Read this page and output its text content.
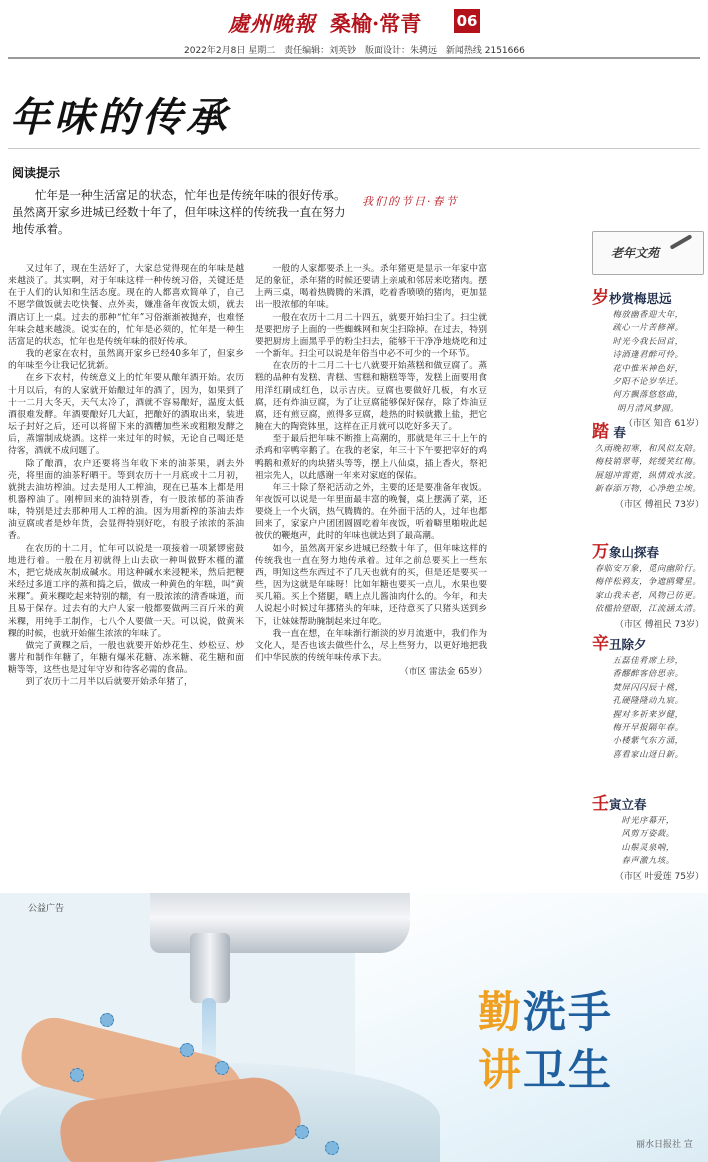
處州晚報 桑榆·常青 06
2022年2月8日 星期二 责任编辑：刘英钞 版面设计：朱骋远 新闻热线 2151666
年味的传承
阅读提示
忙年是一种生活富足的状态，忙年也是传统年味的很好传承。虽然离开家乡进城已经数十年了，但年味这样的传统我一直在努力地传承着。
我们的节日·春节

又过年了，现在生活好了，大家总觉得现在的年味是越来越淡了。其实啊，对于年味这样一种传统习俗，关键还是在于人们的认知和生活态度。现在的人都喜欢简单了，自己不愿学做饭就去吃快餐、点外卖，嫌准备年夜饭太烦，就去酒店订上一桌。过去的那种“忙年”习俗渐渐被抛弃，也难怪年味会越来越淡。说实在的，忙年是必须的，忙年是一种生活富足的状态，忙年也是传统年味的很好传承。

我的老家在农村，虽然离开家乡已经40多年了，但家乡的年味至今让我记忆犹新。

在乡下农村，传统意义上的忙年要从酿年酒开始。农历十月以后，有的人家就开始酿过年的酒了，因为，如果到了十一二月大冬天，天气太冷了，酒就不容易酿好，温度太低酒很难发酵。年酒要酿好几大缸，把酿好的酒取出来，装进坛子封好之后，还可以将留下来的酒糟加些米或粗粮发酵之后，蒸馏制成烧酒。这样一来过年的时候，无论自己喝还是待客，酒就不成问题了。

除了酿酒，农户还要将当年收下来的油茶果，剥去外壳，将里面的油茶籽晒干。等到农历十一月底或十二月初，就挑去油坊榨油。过去是用人工榨油，现在已基本上都是用机器榨油了。刚榨回来的油特别香，有一股浓郁的茶油香味，特别是过去那种用人工榨的油。因为用新榨的茶油去炸油豆腐或者是炒年货，会显得特别好吃，有股子浓浓的茶油香。

在农历的十二月，忙年可以说是一项接着一项紧锣密鼓地进行着。一般在月初就得上山去砍一种叫做野木槿的灌木，把它烧成灰制成碱水。用这种碱水来浸粳米，然后把粳米经过多道工序的蒸和捣之后，做成一种黄色的年糕，叫“黄米粿”。黄米粿吃起来特别的糯，有一股浓浓的清香味道，而且易于保存。过去有的大户人家一般都要做两三百斤米的黄米粿，用纯手工制作，七八个人要做一天。可以说，做黄米粿的时候，也就开始催生浓浓的年味了。

做完了黄粿之后，一般也就要开始炒花生、炒松豆、炒薯片和制作年糖了，年糖有爆米花糖、冻米糖、花生糖和面糖等等，这些也是过年守岁和待客必需的食品。

到了农历十二月半以后就要开始杀年猪了，

一般的人家都要杀上一头。杀年猪更是显示一年家中富足的象征，杀年猪的时候还要请上亲戚和邻居来吃猪肉。摆上两三桌，喝着热腾腾的米酒，吃着香喷喷的猪肉，更加显出一股浓郁的年味。

一般在农历十二月二十四五，就要开始扫尘了。扫尘就是要把房子上面的一些蜘蛛网和灰尘扫除掉。在过去，特别要把厨房上面黑乎乎的粉尘扫去，能够干干净净地烧吃和过一个新年。扫尘可以说是年俗当中必不可少的一个环节。

在农历的十二月二十七八就要开始蒸糕和做豆腐了。蒸糕的品种有发糕、青糕、雪糕和糖糕等等，发糕上面要用食用洋红刷成红色，以示吉庆。豆腐也要做好几板，有水豆腐，还有炸油豆腐，为了让豆腐能够保好保存，除了炸油豆腐，还有煎豆腐，煎得多豆腐，趁热的时候就撒上盐，把它腌在大的陶瓷钵里，这样在正月就可以吃好多天了。

至于最后把年味不断推上高潮的，那就是年三十上午的杀鸡和宰鸭宰鹅了。在我的老家，年三十下午要把宰好的鸡鸭鹅和煮好的肉块猪头等等，摆上八仙桌，插上香火，祭祀祖宗先人，以此感谢一年来对家庭的保佑。

年三十除了祭祀活动之外，主要的还是要准备年夜饭。年夜饭可以说是一年里面最丰富的晚餐，桌上摆满了菜，还要烧上一个火锅，热气腾腾的。在外面干活的人，过年也都回来了，家家户户团团圆圆吃着年夜饭，听着噼里啪啦此起彼伏的鞭炮声，此时的年味也就达到了最高潮。

如今，虽然离开家乡进城已经数十年了，但年味这样的传统我也一直在努力地传承着。过年之前总要买上一些东西，明知这些东西过不了几天也就有的买，但是还是要买一些，因为这就是年味呀！比如年糖也要买一点儿，水果也要买几箱。买上个猪腿，晒上点儿酱油肉什么的。今年，和夫人说起小时候过年挪猪头的年味，还待意买了只猪头送到乡下，让妹妹帮助腌制起来过年吃。

我一直在想，在年味渐行渐淡的岁月流逝中，我们作为文化人，是否也该去做些什么，尽上些努力，以更好地把我们中华民族的传统年味传承下去。

（市区 雷法金 65岁）

老年文苑
岁杪赏梅思远
梅放幽香迎大年，
疏心一片苦修禅。
时光今我长回首，
诗酒逢君醉可怜。
花中惟米神色好，
夕阳不论岁华迁。
何方飘落悠悠曲，
明月清风梦圆。
（市区 知音 61岁）
踏 春
久雨晚初寒，和风似友陪。
梅枝销翠萼，姹缓笑红梅。
展翅冲霄霓，纵情戏水波。
新春添万物，心净绝尘埃。
（市区 傅祖民 73岁）
万象山探春
春临安万象，觅向幽阶行。
梅伴松鸦友，争遮鸥鹭星。
家山我未老，风物已彷更。
依槛拾望眼，江流涵太清。
（市区 傅祖民 73岁）
辛丑除夕
五磊佳肴席上珍，
香醪醉客倍思亲。
焚屏闪闪辰十桃，
孔硬隆隆动九宸。
握对多祈来岁健，
梅开早报隔年春。
小楼紫气东方涌，
喜看家山迓日新。
壬寅立春
时光序幕开，
风剪万姿裁。
山鬃灵泉响，
春声激九垓。
（市区 叶爱莲 75岁）
公益广告
勤洗手
讲卫生
丽水日报社 宣
